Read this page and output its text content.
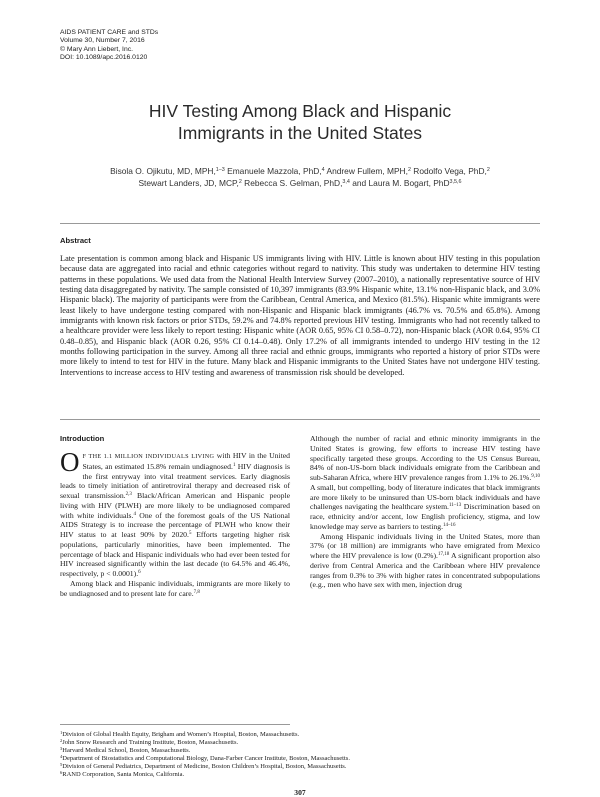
AIDS PATIENT CARE and STDs
Volume 30, Number 7, 2016
© Mary Ann Liebert, Inc.
DOI: 10.1089/apc.2016.0120
HIV Testing Among Black and Hispanic
Immigrants in the United States
Bisola O. Ojikutu, MD, MPH,$^{1-3}$ Emanuele Mazzola, PhD,$^4$ Andrew Fullem, MPH,$^2$ Rodolfo Vega, PhD,$^2$
Stewart Landers, JD, MCP,$^2$ Rebecca S. Gelman, PhD,$^{3,4}$ and Laura M. Bogart, PhD$^{3,5,6}$
Abstract
Late presentation is common among black and Hispanic US immigrants living with HIV. Little is known about HIV testing in this population because data are aggregated into racial and ethnic categories without regard to nativity. This study was undertaken to determine HIV testing patterns in these populations. We used data from the National Health Interview Survey (2007–2010), a nationally representative source of HIV testing data disaggregated by nativity. The sample consisted of 10,397 immigrants (83.9% Hispanic white, 13.1% non-Hispanic black, and 3.0% Hispanic black). The majority of participants were from the Caribbean, Central America, and Mexico (81.5%). Hispanic white immigrants were least likely to have undergone testing compared with non-Hispanic and Hispanic black immigrants (46.7% vs. 70.5% and 65.8%). Among immigrants with known risk factors or prior STDs, 59.2% and 74.8% reported previous HIV testing. Immigrants who had not recently talked to a healthcare provider were less likely to report testing: Hispanic white (AOR 0.65, 95% CI 0.58–0.72), non-Hispanic black (AOR 0.64, 95% CI 0.48–0.85), and Hispanic black (AOR 0.26, 95% CI 0.14–0.48). Only 17.2% of all immigrants intended to undergo HIV testing in the 12 months following participation in the survey. Among all three racial and ethnic groups, immigrants who reported a history of prior STDs were more likely to intend to test for HIV in the future. Many black and Hispanic immigrants to the United States have not undergone HIV testing. Interventions to increase access to HIV testing and awareness of transmission risk should be developed.
Introduction

O F THE 1.1 MILLION INDIVIDUALS LIVING with HIV in the United States, an estimated 15.8% remain undiagnosed.$^1$ HIV diagnosis is the first entryway into vital treatment services. Early diagnosis leads to timely initiation of antiretroviral therapy and decreased risk of sexual transmission.$^{2,3}$ Black/African American and Hispanic people living with HIV (PLWH) are more likely to be undiagnosed compared with white individuals.$^4$ One of the foremost goals of the US National AIDS Strategy is to increase the percentage of PLWH who know their HIV status to at least 90% by 2020.$^5$ Efforts targeting higher risk populations, particularly minorities, have been implemented. The percentage of black and Hispanic individuals who had ever been tested for HIV increased significantly within the last decade (to 64.5% and 46.4%, respectively, p < 0.0001).$^6$

Among black and Hispanic individuals, immigrants are more likely to be undiagnosed and to present late for care.$^{7,8}$

Although the number of racial and ethnic minority immigrants in the United States is growing, few efforts to increase HIV testing have specifically targeted these groups. According to the US Census Bureau, 84% of non-US-born black individuals emigrate from the Caribbean and sub-Saharan Africa, where HIV prevalence ranges from 1.1% to 26.1%.$^{9,10}$ A small, but compelling, body of literature indicates that black immigrants are more likely to be uninsured than US-born black individuals and have challenges navigating the healthcare system.$^{11-13}$ Discrimination based on race, ethnicity and/or accent, low English proficiency, stigma, and low knowledge may serve as barriers to testing.$^{14-16}$

Among Hispanic individuals living in the United States, more than 37% (or 18 million) are immigrants who have emigrated from Mexico where the HIV prevalence is low (0.2%).$^{17,18}$ A significant proportion also derive from Central America and the Caribbean where HIV prevalence ranges from 0.3% to 3% with higher rates in concentrated subpopulations (e.g., men who have sex with men, injection drug

$^1$Division of Global Health Equity, Brigham and Women’s Hospital, Boston, Massachusetts.
$^2$John Snow Research and Training Institute, Boston, Massachusetts.
$^3$Harvard Medical School, Boston, Massachusetts.
$^4$Department of Biostatistics and Computational Biology, Dana-Farber Cancer Institute, Boston, Massachusetts.
$^5$Division of General Pediatrics, Department of Medicine, Boston Children’s Hospital, Boston, Massachusetts.
$^6$RAND Corporation, Santa Monica, California.
307
